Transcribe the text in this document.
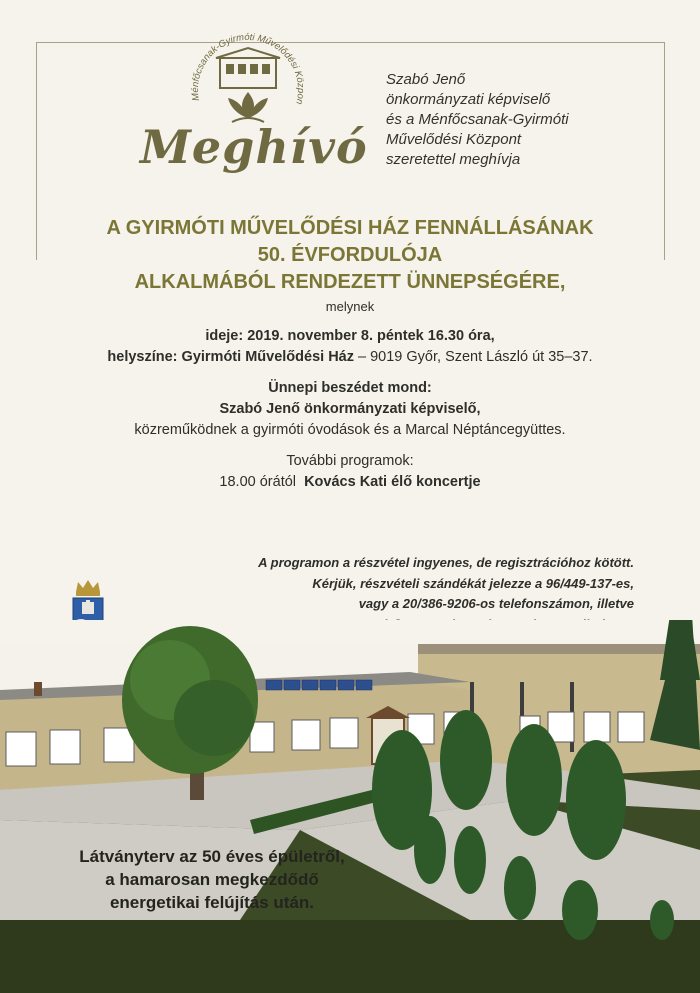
Ménfőcsanak-Gyirmóti Művelődési Közpon
Meghívó
Szabó Jenő
önkormányzati képviselő
és a Ménfőcsanak-Gyirmóti
Művelődési Központ
szeretettel meghívja
A GYIRMÓTI MŰVELŐDÉSI HÁZ FENNÁLLÁSÁNAK
50. ÉVFORDULÓJA
ALKALMÁBÓL RENDEZETT ÜNNEPSÉGÉRE,
melynek
ideje: 2019. november 8. péntek 16.30 óra,
helyszíne: Gyirmóti Művelődési Ház – 9019 Győr, Szent László út 35–37.
Ünnepi beszédet mond:
Szabó Jenő önkormányzati képviselő,
közreműködnek a gyirmóti óvodások és a Marcal Néptáncegyüttes.
További programok:
18.00 órától Kovács Kati élő koncertje
A programon a részvétel ingyenes, de regisztrációhoz kötött.
Kérjük, részvételi szándékát jelezze a 96/449-137-es,
vagy a 20/386-9206-os telefonszámon, illetve
Látványterv az 50 éves épületről,
a hamarosan megkezdődő
energetikai felújítás után.
